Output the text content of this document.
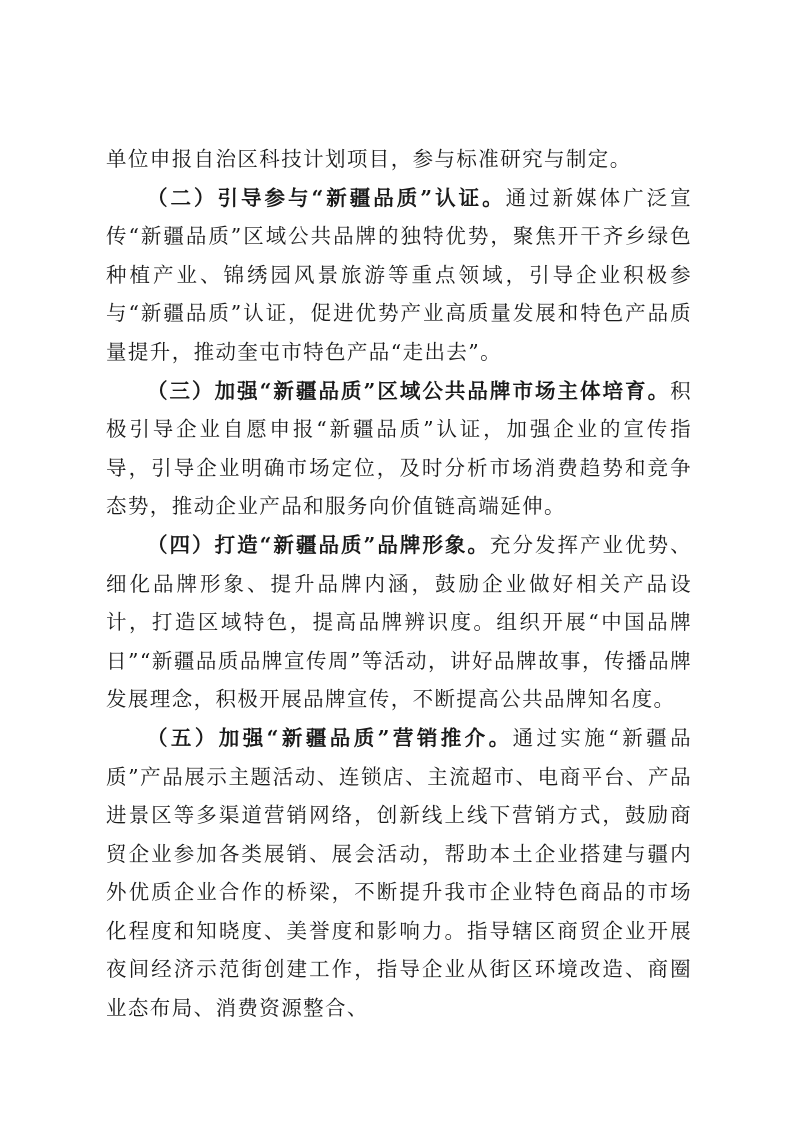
单位申报自治区科技计划项目，参与标准研究与制定。

（二）引导参与“新疆品质”认证。通过新媒体广泛宣传“新疆品质”区域公共品牌的独特优势，聚焦开干齐乡绿色种植产业、锦绣园风景旅游等重点领域，引导企业积极参与“新疆品质”认证，促进优势产业高质量发展和特色产品质量提升，推动奎屯市特色产品“走出去”。

（三）加强“新疆品质”区域公共品牌市场主体培育。积极引导企业自愿申报“新疆品质”认证，加强企业的宣传指导，引导企业明确市场定位，及时分析市场消费趋势和竞争态势，推动企业产品和服务向价值链高端延伸。

（四）打造“新疆品质”品牌形象。充分发挥产业优势、细化品牌形象、提升品牌内涵，鼓励企业做好相关产品设计，打造区域特色，提高品牌辨识度。组织开展“中国品牌日”“新疆品质品牌宣传周”等活动，讲好品牌故事，传播品牌发展理念，积极开展品牌宣传，不断提高公共品牌知名度。

（五）加强“新疆品质”营销推介。通过实施“新疆品质”产品展示主题活动、连锁店、主流超市、电商平台、产品进景区等多渠道营销网络，创新线上线下营销方式，鼓励商贸企业参加各类展销、展会活动，帮助本土企业搭建与疆内外优质企业合作的桥梁，不断提升我市企业特色商品的市场化程度和知晓度、美誉度和影响力。指导辖区商贸企业开展夜间经济示范街创建工作，指导企业从街区环境改造、商圈业态布局、消费资源整合、
